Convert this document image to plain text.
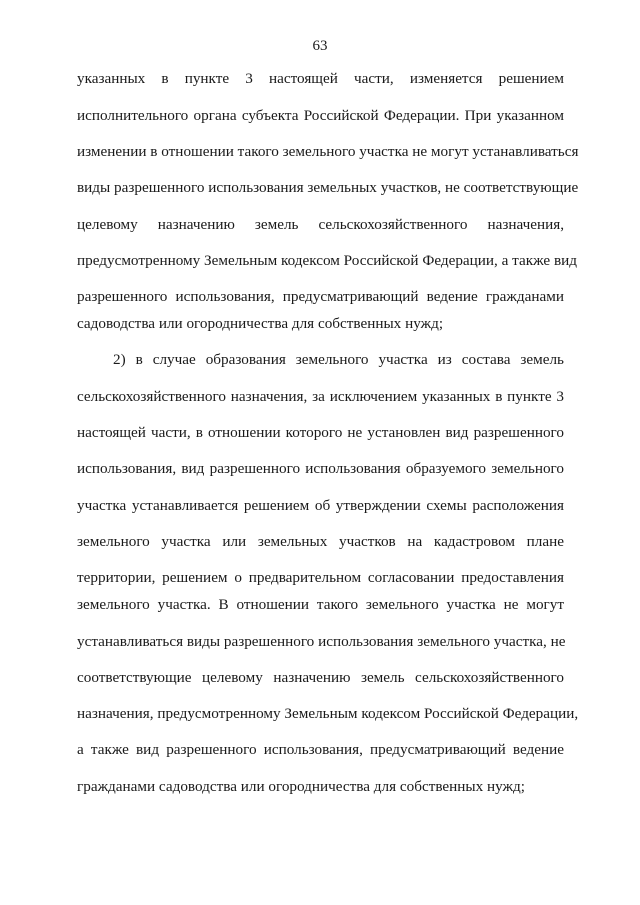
63
указанных в пункте 3 настоящей части, изменяется решением
исполнительного органа субъекта Российской Федерации. При указанном
изменении в отношении такого земельного участка не могут устанавливаться
виды разрешенного использования земельных участков, не соответствующие
целевому назначению земель сельскохозяйственного назначения,
предусмотренному Земельным кодексом Российской Федерации, а также вид
разрешенного использования, предусматривающий ведение гражданами
садоводства или огородничества для собственных нужд;
2) в случае образования земельного участка из состава земель
сельскохозяйственного назначения, за исключением указанных в пункте 3
настоящей части, в отношении которого не установлен вид разрешенного
использования, вид разрешенного использования образуемого земельного
участка устанавливается решением об утверждении схемы расположения
земельного участка или земельных участков на кадастровом плане
территории, решением о предварительном согласовании предоставления
земельного участка. В отношении такого земельного участка не могут
устанавливаться виды разрешенного использования земельного участка, не
соответствующие целевому назначению земель сельскохозяйственного
назначения, предусмотренному Земельным кодексом Российской Федерации,
а также вид разрешенного использования, предусматривающий ведение
гражданами садоводства или огородничества для собственных нужд;
